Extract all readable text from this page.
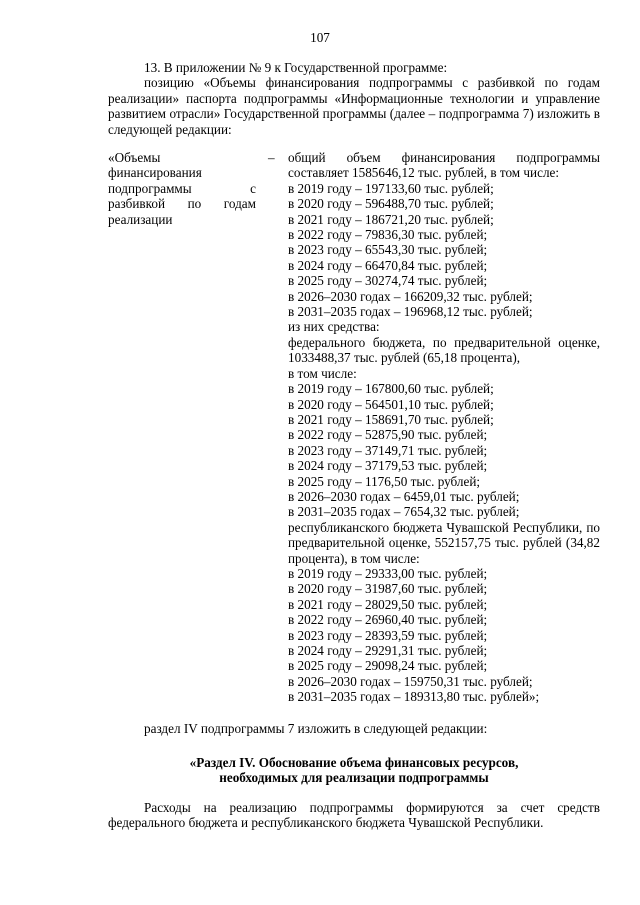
107

13. В приложении № 9 к Государственной программе:

позицию «Объемы финансирования подпрограммы с разбивкой по годам реализации» паспорта подпрограммы «Информационные технологии и управление развитием отрасли» Государственной программы (далее – подпрограмма 7) изложить в следующей редакции:

«Объемы финансирования подпрограммы с разбивкой по годам реализации
– общий объем финансирования подпрограммы составляет 1585646,12 тыс. рублей, в том числе:
в 2019 году – 197133,60 тыс. рублей;
в 2020 году – 596488,70 тыс. рублей;
в 2021 году – 186721,20 тыс. рублей;
в 2022 году – 79836,30 тыс. рублей;
в 2023 году – 65543,30 тыс. рублей;
в 2024 году – 66470,84 тыс. рублей;
в 2025 году – 30274,74 тыс. рублей;
в 2026–2030 годах – 166209,32 тыс. рублей;
в 2031–2035 годах – 196968,12 тыс. рублей;
из них средства:
федерального бюджета, по предварительной оценке, 1033488,37 тыс. рублей (65,18 процента),
в том числе:
в 2019 году – 167800,60 тыс. рублей;
в 2020 году – 564501,10 тыс. рублей;
в 2021 году – 158691,70 тыс. рублей;
в 2022 году – 52875,90 тыс. рублей;
в 2023 году – 37149,71 тыс. рублей;
в 2024 году – 37179,53 тыс. рублей;
в 2025 году – 1176,50 тыс. рублей;
в 2026–2030 годах – 6459,01 тыс. рублей;
в 2031–2035 годах – 7654,32 тыс. рублей;
республиканского бюджета Чувашской Республики, по предварительной оценке, 552157,75 тыс. рублей (34,82 процента), в том числе:
в 2019 году – 29333,00 тыс. рублей;
в 2020 году – 31987,60 тыс. рублей;
в 2021 году – 28029,50 тыс. рублей;
в 2022 году – 26960,40 тыс. рублей;
в 2023 году – 28393,59 тыс. рублей;
в 2024 году – 29291,31 тыс. рублей;
в 2025 году – 29098,24 тыс. рублей;
в 2026–2030 годах – 159750,31 тыс. рублей;
в 2031–2035 годах – 189313,80 тыс. рублей»;

раздел IV подпрограммы 7 изложить в следующей редакции:

«Раздел IV. Обоснование объема финансовых ресурсов,
необходимых для реализации подпрограммы

Расходы на реализацию подпрограммы формируются за счет средств федерального бюджета и республиканского бюджета Чувашской Республики.
